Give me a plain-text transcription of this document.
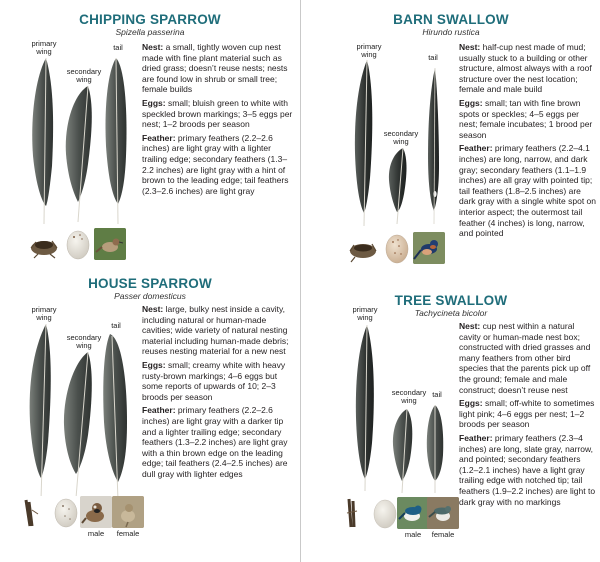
CHIPPING SPARROW
Spizella passerina
primary wing
secondary wing
tail	Nest: a small, tightly woven cup nest made with fine plant material such as dried grass; doesn’t reuse nests; nests are found low in shrub or small tree; female builds

Eggs: small; bluish green to white with speckled brown markings; 3–5 eggs per nest; 1–2 broods per season

Feather: primary feathers (2.2–2.6 inches) are light gray with a lighter trailing edge; secondary feathers (1.3–2.2 inches) are light gray with a hint of brown to the leading edge; tail feathers (2.3–2.6 inches) are light gray

HOUSE SPARROW
Passer domesticus
primary wing
secondary wing
tail
male	female

Nest: large, bulky nest inside a cavity, including natural or human-made cavities; wide variety of natural nesting material including human-made debris; reuses nesting material for a new nest

Eggs: small; creamy white with heavy rusty-brown markings; 4–6 eggs but some reports of upwards of 10; 2–3 broods per season

Feather: primary feathers (2.2–2.6 inches) are light gray with a darker tip and a lighter trailing edge; secondary feathers (1.3–2.2 inches) are light gray with a thin brown edge on the leading edge; tail feathers (2.4–2.5 inches) are dull gray with lighter edges

BARN SWALLOW
Hirundo rustica
primary wing
secondary wing
tail

Nest: half-cup nest made of mud; usually stuck to a building or other structure, almost always with a roof structure over the nest location; female and male build

Eggs: small; tan with fine brown spots or speckles; 4–5 eggs per nest; female incubates; 1 brood per season

Feather: primary feathers (2.2–4.1 inches) are long, narrow, and dark gray; secondary feathers (1.1–1.9 inches) are all gray with pointed tip; tail feathers (1.8–2.5 inches) are dark gray with a single white spot on interior aspect; the outermost tail feather (4 inches) is long, narrow, and pointed

TREE SWALLOW
Tachycineta bicolor
primary wing
secondary wing
tail
male	female

Nest: cup nest within a natural cavity or human-made nest box; constructed with dried grasses and many feathers from other bird species that the parents pick up off the ground; female and male construct; doesn’t reuse nest

Eggs: small; off-white to sometimes light pink; 4–6 eggs per nest; 1–2 broods per season

Feather: primary feathers (2.3–4 inches) are long, slate gray, narrow, and pointed; secondary feathers (1.2–2.1 inches) have a light gray trailing edge with notched tip; tail feathers (1.9–2.2 inches) are light to dark gray with no markings
